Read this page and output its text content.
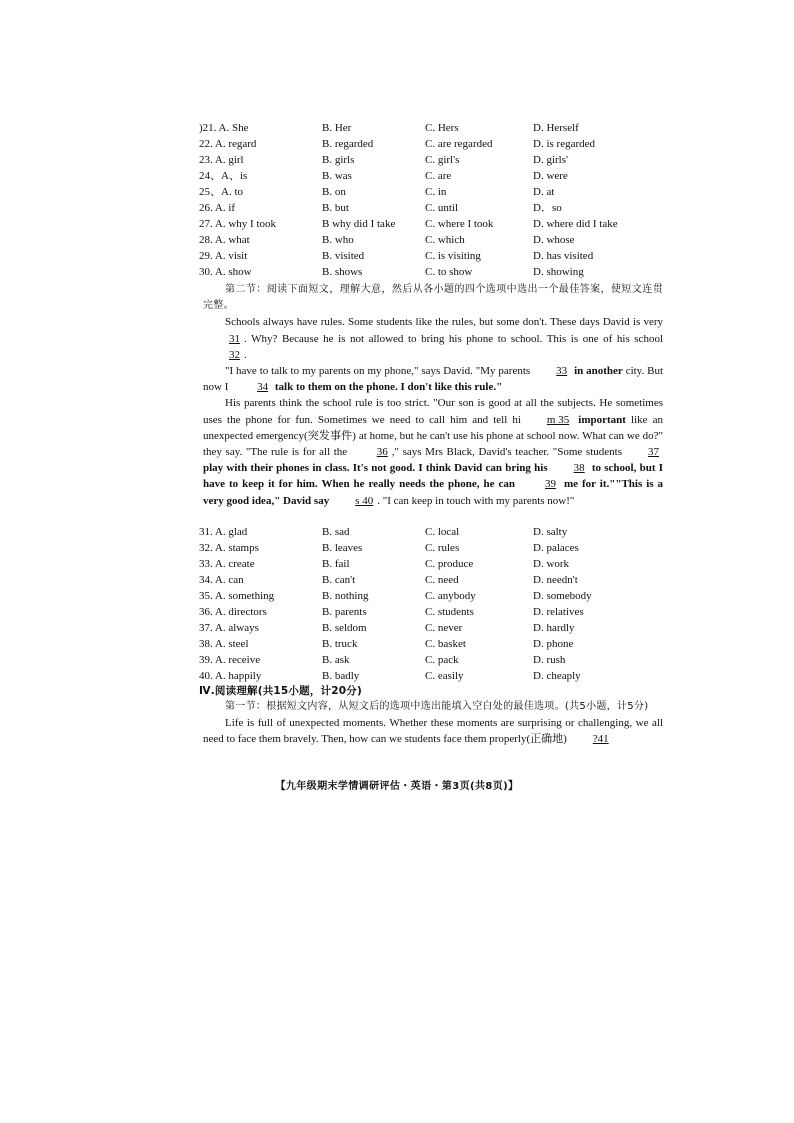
)21. A. She	B. Her	C. Hers	D. Herself
22. A. regard	B. regarded	C. are regarded	D. is regarded
23. A. girl	B. girls	C. girl's	D. girls'
24、A、is	B. was	C. are	D. were
25、A. to	B. on	C. in	D. at
26. A. if	B. but	C. until	D．so
27. A. why I took	B why did I take	C. where I took	D. where did I take
28. A. what	B. who	C. which	D. whose
29. A. visit	B. visited	C. is visiting	D. has visited
30. A. show	B. shows	C. to show	D. showing
第二节：阅读下面短文，理解大意，然后从各小题的四个选项中选出一个最佳答案，使短文连贯完整。
Schools always have rules. Some students like the rules, but some don't. These days David is very31 . Why? Because he is not allowed to bring his phone to school. This is one of his school32 .
"I have to talk to my parents on my phone," says David. "My parents 33 in another city. But now I	34 talk to them on the phone. I don't like this rule."
His parents think the school rule is too strict. "Our son is good at all the subjects. He sometimes uses the phone for fun. Sometimes we need to call him and tell hi m 35 important like an unexpected emergency(突发事件) at home, but he can't use his phone at school now. What can we do?" they say. "The rule is for all the	36 ," says Mrs Black, David's teacher. "Some students 37 play with their phones in class. It's not good. I think David can bring his 38 to school, but I have to keep it for him. When he really needs the phone, he can	39 me for it.""This is a very good idea," David say s 40 . "I can keep in touch with my parents now!"
31. A. glad	B. sad	C. local	D. salty
32. A. stamps	B. leaves	C. rules	D. palaces
33. A. create	B. fail	C. produce	D. work
34. A. can	B. can't	C. need	D. needn't
35. A. something	B. nothing	C. anybody	D. somebody
36. A. directors	B. parents	C. students	D. relatives
37. A. always	B. seldom	C. never	D. hardly
38. A. steel	B. truck	C. basket	D. phone
39. A. receive	B. ask	C. pack	D. rush
40. A. happily	B. badly	C. easily	D. cheaply
Ⅳ.阅读理解(共15小题，计20分)
第一节：根据短文内容，从短文后的选项中选出能填入空白处的最佳选项。(共5小题，计5分)
Life is full of unexpected moments. Whether these moments are surprising or challenging, we all need to face them bravely. Then, how can we students face them properly(正确地) ?41
【九年级期末学情调研评估・英语・第3页(共8页)】
